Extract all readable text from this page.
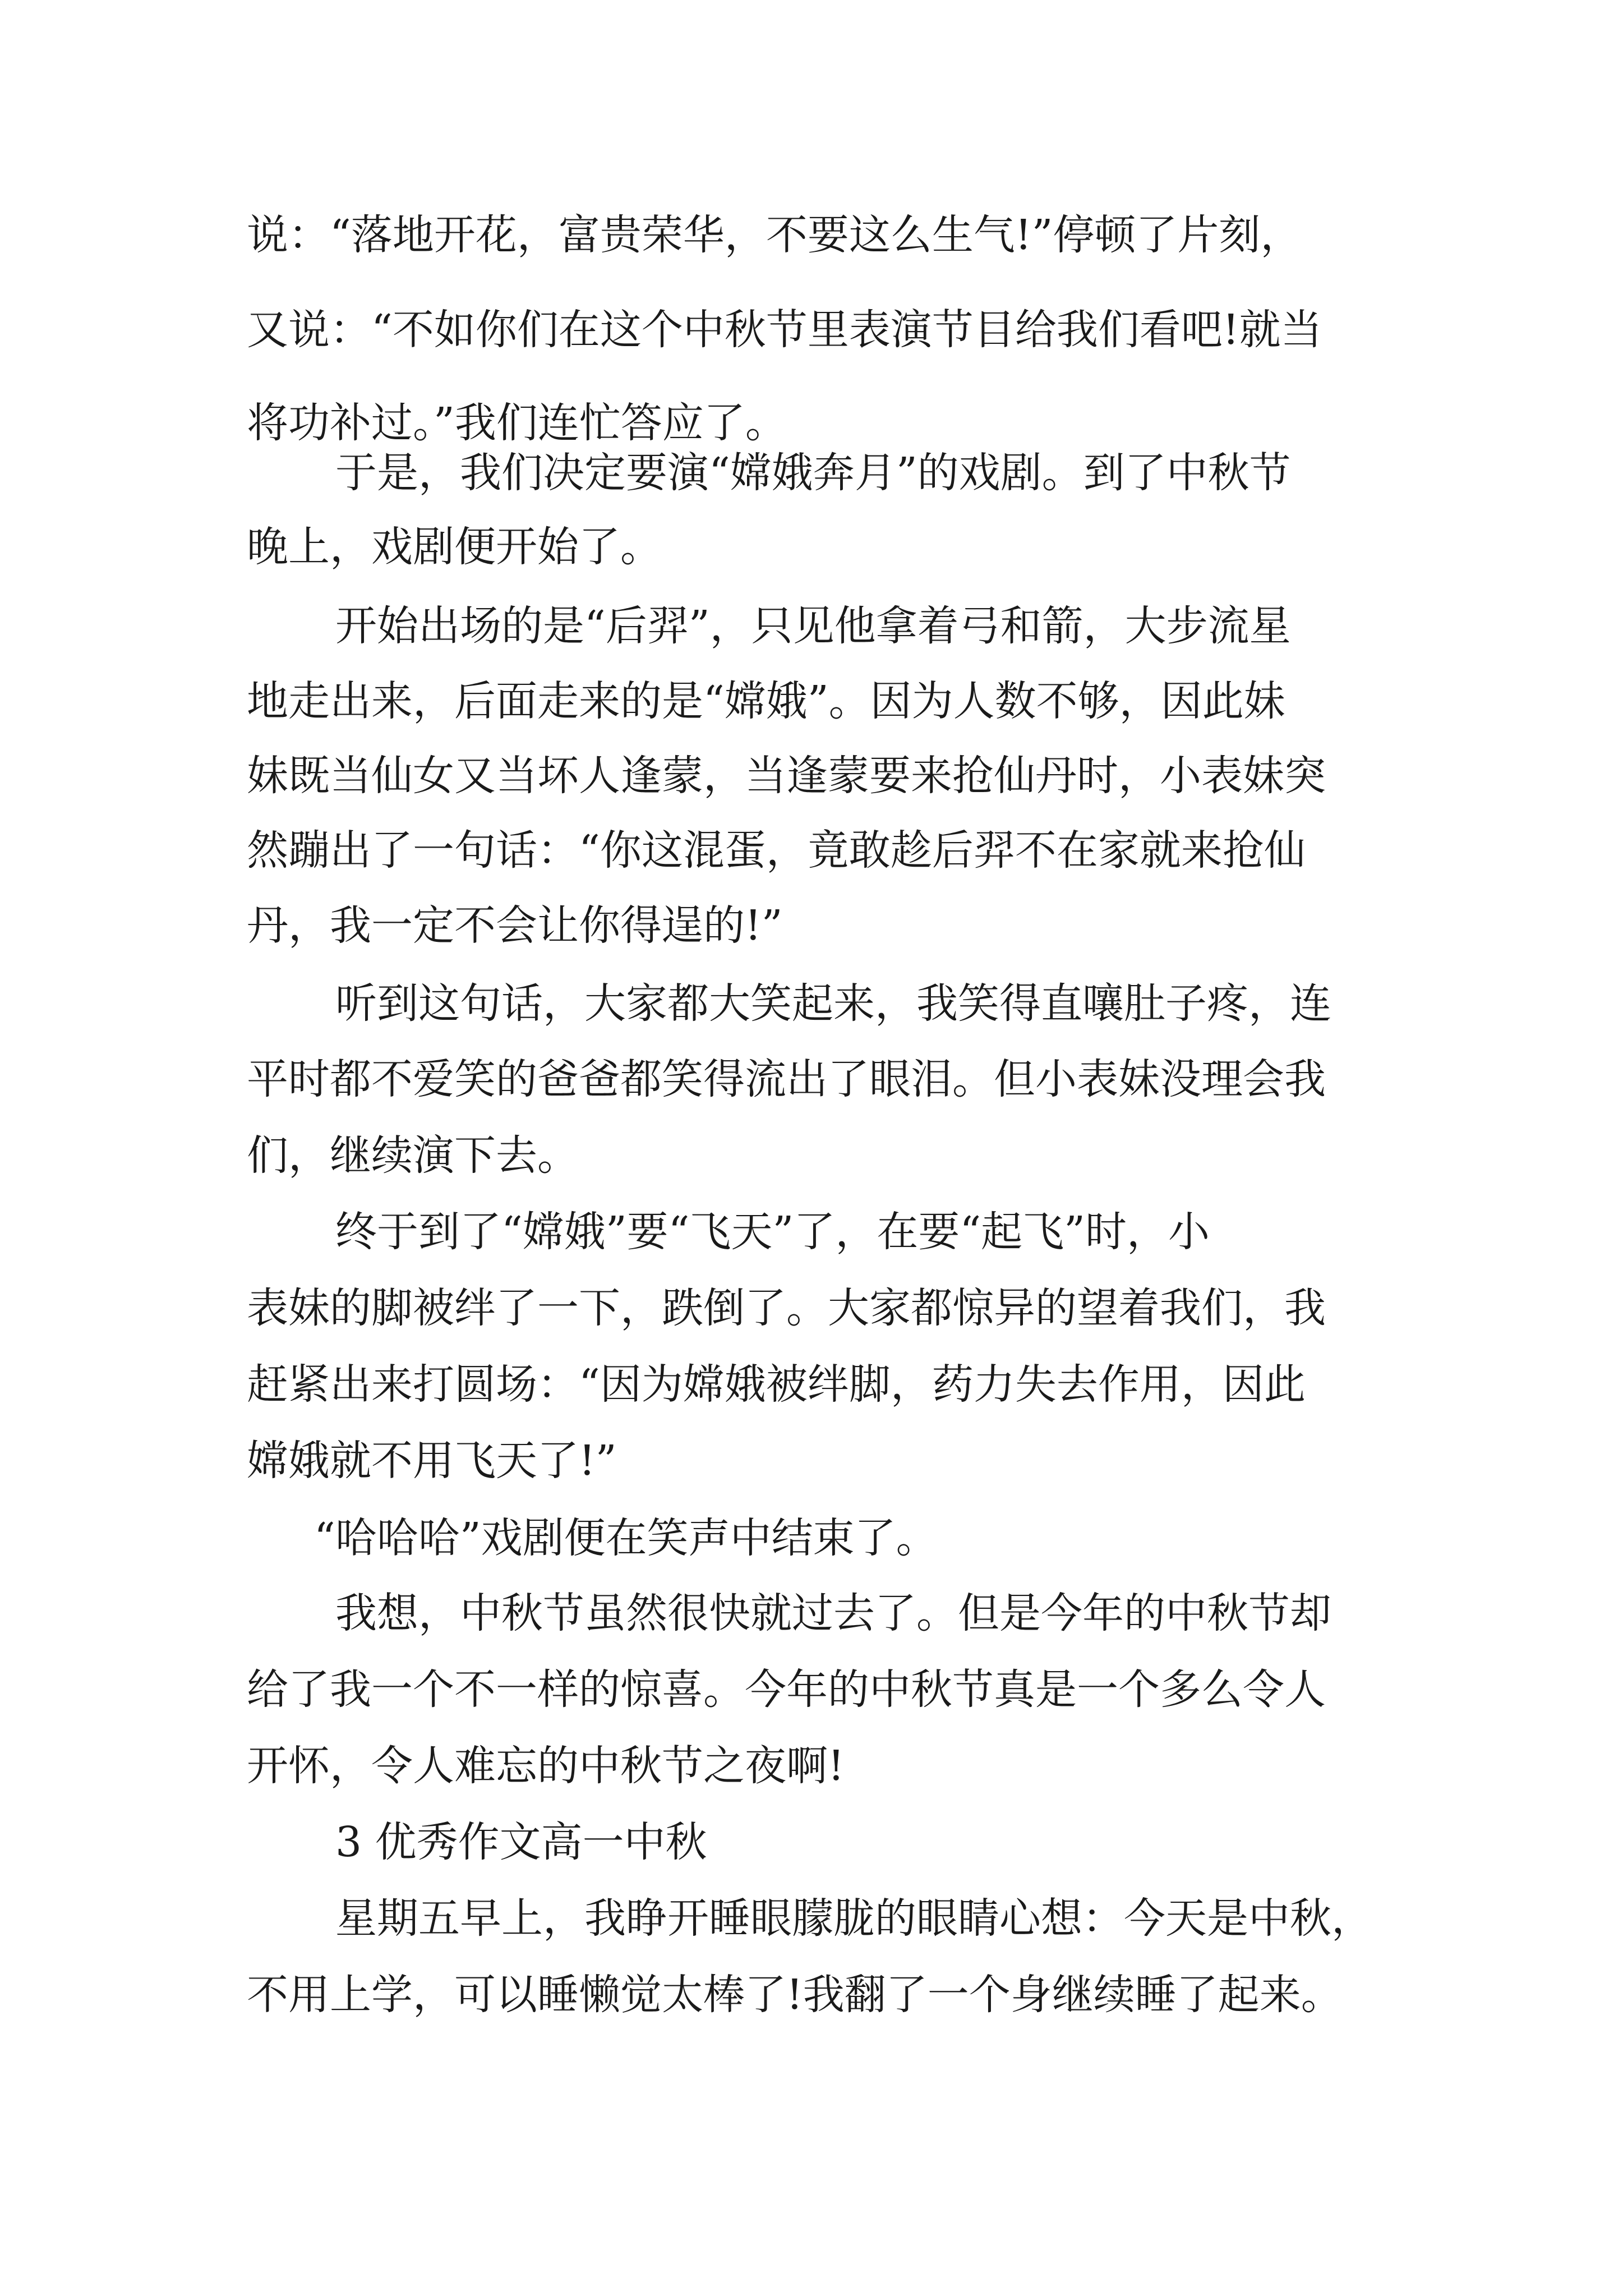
说：“落地开花，富贵荣华，不要这么生气!”停顿了片刻，

又说：“不如你们在这个中秋节里表演节目给我们看吧!就当

将功补过。”我们连忙答应了。

于是，我们决定要演“嫦娥奔月”的戏剧。到了中秋节

晚上，戏剧便开始了。

开始出场的是“后羿”，只见他拿着弓和箭，大步流星

地走出来，后面走来的是“嫦娥”。因为人数不够，因此妹

妹既当仙女又当坏人逢蒙，当逢蒙要来抢仙丹时，小表妹突

然蹦出了一句话：“你这混蛋，竟敢趁后羿不在家就来抢仙

丹，我一定不会让你得逞的!”

听到这句话，大家都大笑起来，我笑得直嚷肚子疼，连

平时都不爱笑的爸爸都笑得流出了眼泪。但小表妹没理会我

们，继续演下去。

终于到了“嫦娥”要“飞天”了，在要“起飞”时，小

表妹的脚被绊了一下，跌倒了。大家都惊异的望着我们，我

赶紧出来打圆场：“因为嫦娥被绊脚，药力失去作用，因此

嫦娥就不用飞天了!”

“哈哈哈”戏剧便在笑声中结束了。

我想，中秋节虽然很快就过去了。但是今年的中秋节却

给了我一个不一样的惊喜。今年的中秋节真是一个多么令人

开怀，令人难忘的中秋节之夜啊!

3 优秀作文高一中秋

星期五早上，我睁开睡眼朦胧的眼睛心想：今天是中秋，

不用上学，可以睡懒觉太棒了!我翻了一个身继续睡了起来。
